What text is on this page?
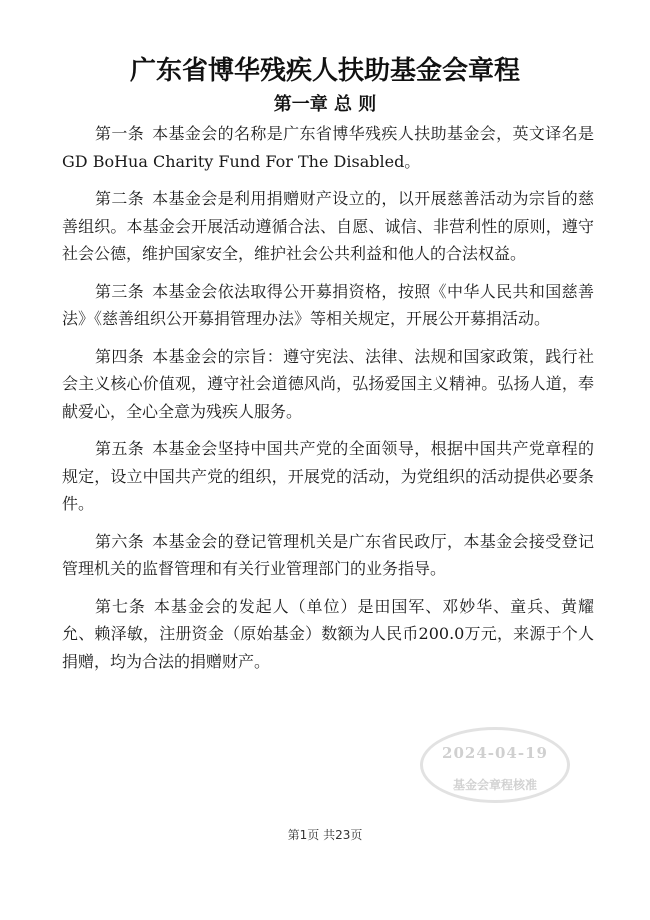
广东省博华残疾人扶助基金会章程
第一章 总 则

第一条 本基金会的名称是广东省博华残疾人扶助基金会，英文译名是GD BoHua Charity Fund For The Disabled。

第二条 本基金会是利用捐赠财产设立的，以开展慈善活动为宗旨的慈善组织。本基金会开展活动遵循合法、自愿、诚信、非营利性的原则，遵守社会公德，维护国家安全，维护社会公共利益和他人的合法权益。

第三条 本基金会依法取得公开募捐资格，按照《中华人民共和国慈善法》《慈善组织公开募捐管理办法》等相关规定，开展公开募捐活动。

第四条 本基金会的宗旨：遵守宪法、法律、法规和国家政策，践行社会主义核心价值观，遵守社会道德风尚，弘扬爱国主义精神。弘扬人道，奉献爱心，全心全意为残疾人服务。

第五条 本基金会坚持中国共产党的全面领导，根据中国共产党章程的规定，设立中国共产党的组织，开展党的活动，为党组织的活动提供必要条件。

第六条 本基金会的登记管理机关是广东省民政厅，本基金会接受登记管理机关的监督管理和有关行业管理部门的业务指导。

第七条 本基金会的发起人（单位）是田国军、邓妙华、童兵、黄耀允、赖泽敏，注册资金（原始基金）数额为人民币200.0万元，来源于个人捐赠，均为合法的捐赠财产。

2024-04-19
基金会章程核准
第1页 共23页
